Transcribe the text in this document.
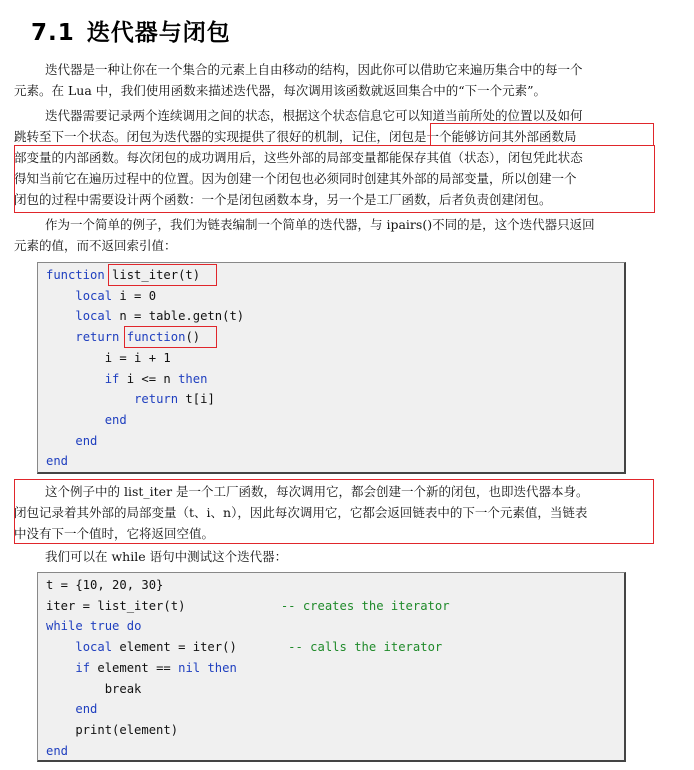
7.1 迭代器与闭包
迭代器是一种让你在一个集合的元素上自由移动的结构，因此你可以借助它来遍历集合中的每一个
元素。在 Lua 中，我们使用函数来描述迭代器，每次调用该函数就返回集合中的“下一个元素”。
迭代器需要记录两个连续调用之间的状态，根据这个状态信息它可以知道当前所处的位置以及如何
跳转至下一个状态。闭包为迭代器的实现提供了很好的机制，记住，闭包是一个能够访问其外部函数局
部变量的内部函数。每次闭包的成功调用后，这些外部的局部变量都能保存其值（状态），闭包凭此状态
得知当前它在遍历过程中的位置。因为创建一个闭包也必须同时创建其外部的局部变量，所以创建一个
闭包的过程中需要设计两个函数：一个是闭包函数本身，另一个是工厂函数，后者负责创建闭包。
作为一个简单的例子，我们为链表编制一个简单的迭代器，与 ipairs()不同的是，这个迭代器只返回
元素的值，而不返回索引值：
function list_iter(t)
local i = 0
local n = table.getn(t)
return function()
i = i + 1
if i <= n then
return t[i]
end
end
end
这个例子中的 list_iter 是一个工厂函数，每次调用它，都会创建一个新的闭包，也即迭代器本身。
闭包记录着其外部的局部变量（t、i、n），因此每次调用它，它都会返回链表中的下一个元素值，当链表
中没有下一个值时，它将返回空值。
我们可以在 while 语句中测试这个迭代器：
t = {10, 20, 30}
iter = list_iter(t)             -- creates the iterator
while true do
local element = iter()       -- calls the iterator
if element == nil then
break
end
print(element)
end
